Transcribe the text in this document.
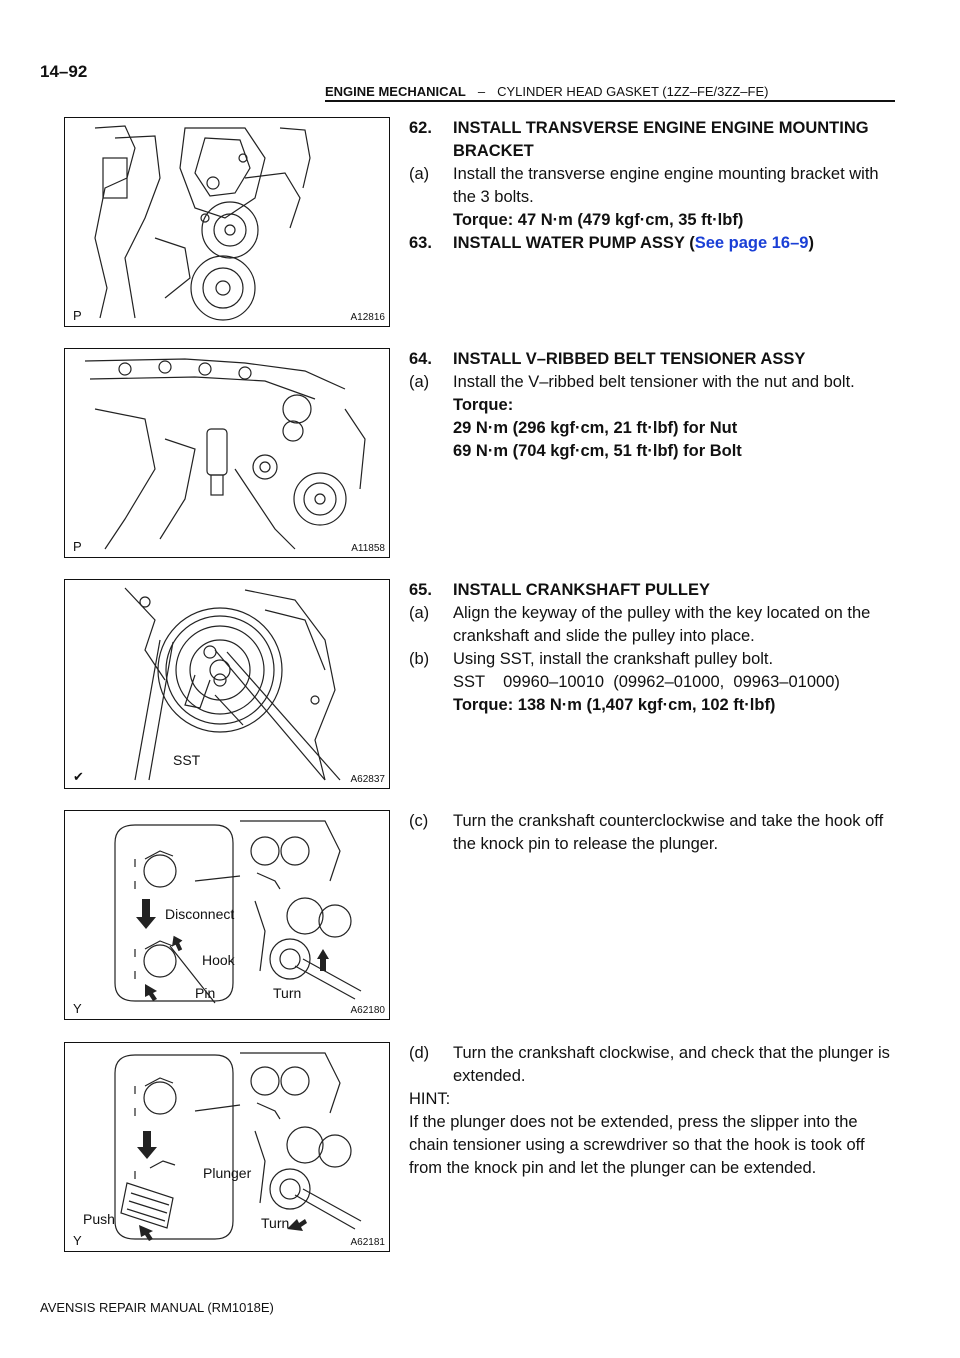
14–92
ENGINE MECHANICAL – CYLINDER HEAD GASKET (1ZZ–FE/3ZZ–FE)
P	A12816
P	A11858
SST
✔	A62837
Disconnect
Hook
Pin	Turn
Y	A62180
Plunger
Push	Turn
Y	A62181
62.	INSTALL TRANSVERSE ENGINE ENGINE MOUNTING BRACKET
(a)	Install the transverse engine engine mounting bracket with the 3 bolts.
Torque: 47 N·m (479 kgf·cm, 35 ft·lbf)
63.	INSTALL WATER PUMP ASSY (See page 16–9)
64.	INSTALL V–RIBBED BELT TENSIONER ASSY
(a)	Install the V–ribbed belt tensioner with the nut and bolt.
Torque:
29 N·m (296 kgf·cm, 21 ft·lbf) for Nut
69 N·m (704 kgf·cm, 51 ft·lbf) for Bolt
65.	INSTALL CRANKSHAFT PULLEY
(a)	Align the keyway of the pulley with the key located on the crankshaft and slide the pulley into place.
(b)	Using SST, install the crankshaft pulley bolt.
SST    09960–10010  (09962–01000,  09963–01000)
Torque: 138 N·m (1,407 kgf·cm, 102 ft·lbf)
(c)	Turn the crankshaft counterclockwise and take the hook off the knock pin to release the plunger.
(d)	Turn the crankshaft clockwise, and check that the plunger is extended.
HINT:
If the plunger does not be extended, press the slipper into the chain tensioner using a screwdriver so that the hook is took off from the knock pin and let the plunger can be extended.
AVENSIS REPAIR MANUAL (RM1018E)
